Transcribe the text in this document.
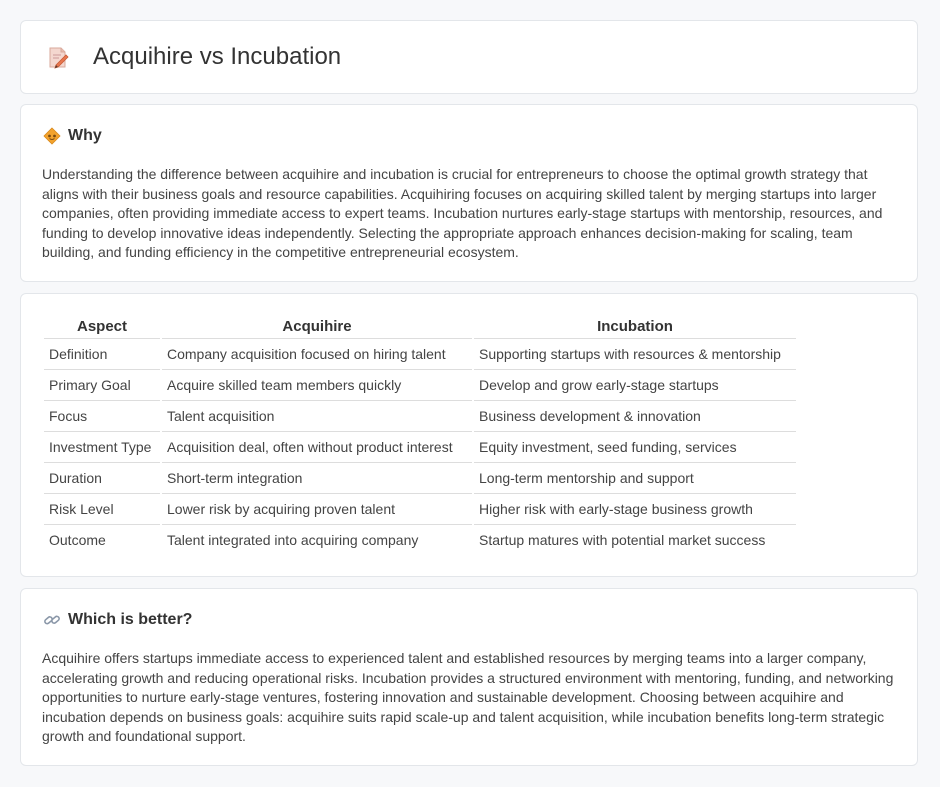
Acquihire vs Incubation
Why

Understanding the difference between acquihire and incubation is crucial for entrepreneurs to choose the optimal growth strategy that aligns with their business goals and resource capabilities. Acquihiring focuses on acquiring skilled talent by merging startups into larger companies, often providing immediate access to expert teams. Incubation nurtures early-stage startups with mentorship, resources, and funding to develop innovative ideas independently. Selecting the appropriate approach enhances decision-making for scaling, team building, and funding efficiency in the competitive entrepreneurial ecosystem.

Aspect	Acquihire	Incubation
Definition	Company acquisition focused on hiring talent	Supporting startups with resources & mentorship
Primary Goal	Acquire skilled team members quickly	Develop and grow early-stage startups
Focus	Talent acquisition	Business development & innovation
Investment Type	Acquisition deal, often without product interest	Equity investment, seed funding, services
Duration	Short-term integration	Long-term mentorship and support
Risk Level	Lower risk by acquiring proven talent	Higher risk with early-stage business growth
Outcome	Talent integrated into acquiring company	Startup matures with potential market success
Which is better?

Acquihire offers startups immediate access to experienced talent and established resources by merging teams into a larger company, accelerating growth and reducing operational risks. Incubation provides a structured environment with mentoring, funding, and networking opportunities to nurture early-stage ventures, fostering innovation and sustainable development. Choosing between acquihire and incubation depends on business goals: acquihire suits rapid scale-up and talent acquisition, while incubation benefits long-term strategic growth and foundational support.
